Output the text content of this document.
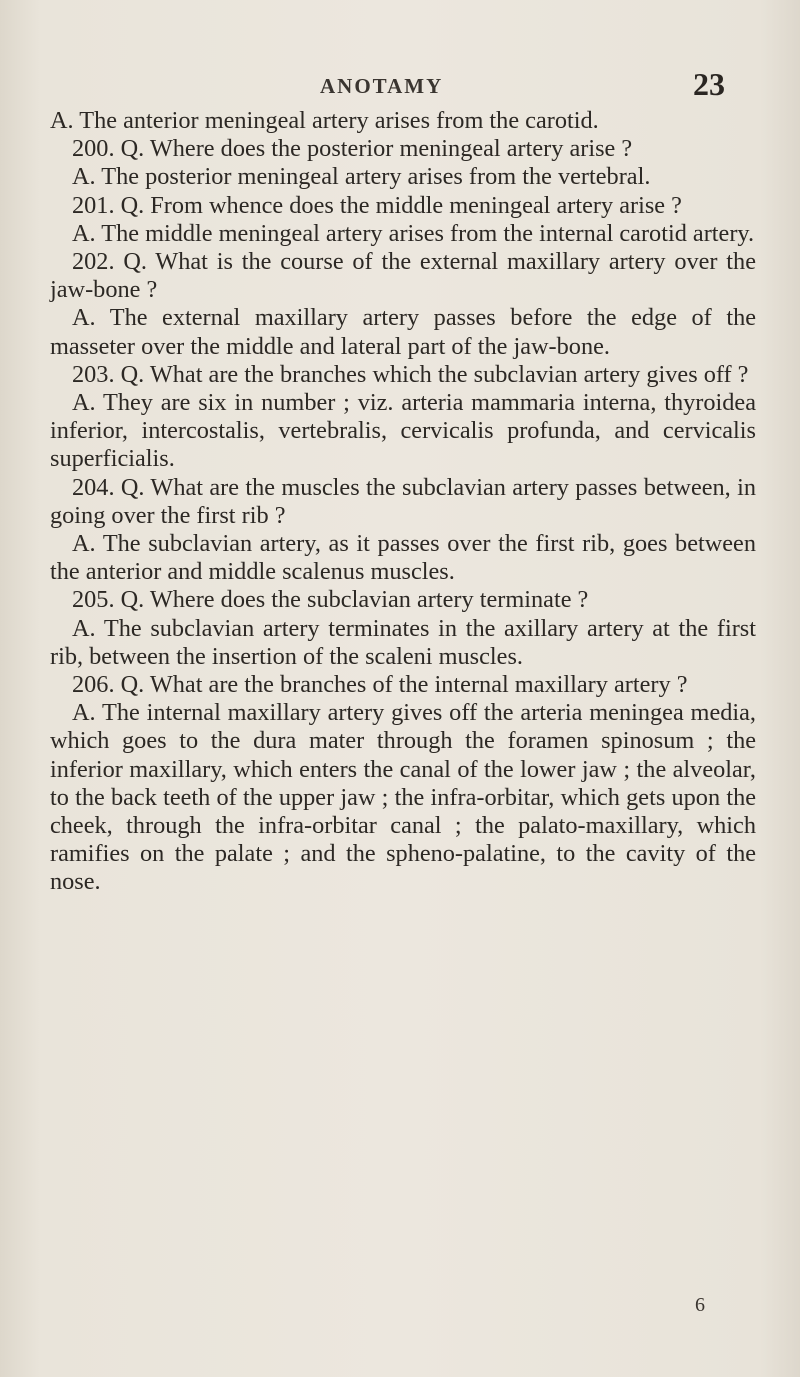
ANOTAMY	23

A. The anterior meningeal artery arises from the carotid.

200. Q. Where does the posterior meningeal artery arise ?

A. The posterior meningeal artery arises from the vertebral.

201. Q. From whence does the middle meningeal artery arise ?

A. The middle meningeal artery arises from the internal carotid artery.

202. Q. What is the course of the external maxillary artery over the jaw-bone ?

A. The external maxillary artery passes before the edge of the masseter over the middle and lateral part of the jaw-bone.

203. Q. What are the branches which the subclavian artery gives off ?

A. They are six in number ; viz. arteria mammaria interna, thyroidea inferior, intercostalis, vertebralis, cervicalis profunda, and cervicalis superficialis.

204. Q. What are the muscles the subclavian artery passes between, in going over the first rib ?

A. The subclavian artery, as it passes over the first rib, goes between the anterior and middle scalenus muscles.

205. Q. Where does the subclavian artery terminate ?

A. The subclavian artery terminates in the axillary artery at the first rib, between the insertion of the scaleni muscles.

206. Q. What are the branches of the internal maxillary artery ?

A. The internal maxillary artery gives off the arteria meningea media, which goes to the dura mater through the foramen spinosum ; the inferior maxillary, which enters the canal of the lower jaw ; the alveolar, to the back teeth of the upper jaw ; the infra-orbitar, which gets upon the cheek, through the infra-orbitar canal ; the palato-maxillary, which ramifies on the palate ; and the spheno-palatine, to the cavity of the nose.

6
